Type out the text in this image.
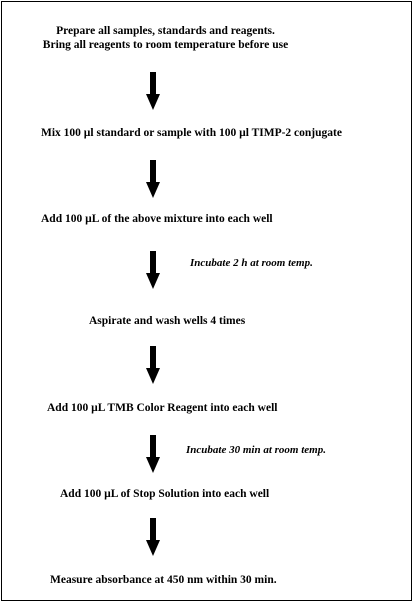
Prepare all samples, standards and reagents.
Bring all reagents to room temperature before use
Mix 100 µl standard or sample with 100 µl TIMP-2 conjugate
Add 100 µL of the above mixture into each well
Incubate 2 h at room temp.
Aspirate and wash wells 4 times
Add 100 µL TMB Color Reagent into each well
Incubate 30 min at room temp.
Add 100 µL of Stop Solution into each well
Measure absorbance at 450 nm within 30 min.
